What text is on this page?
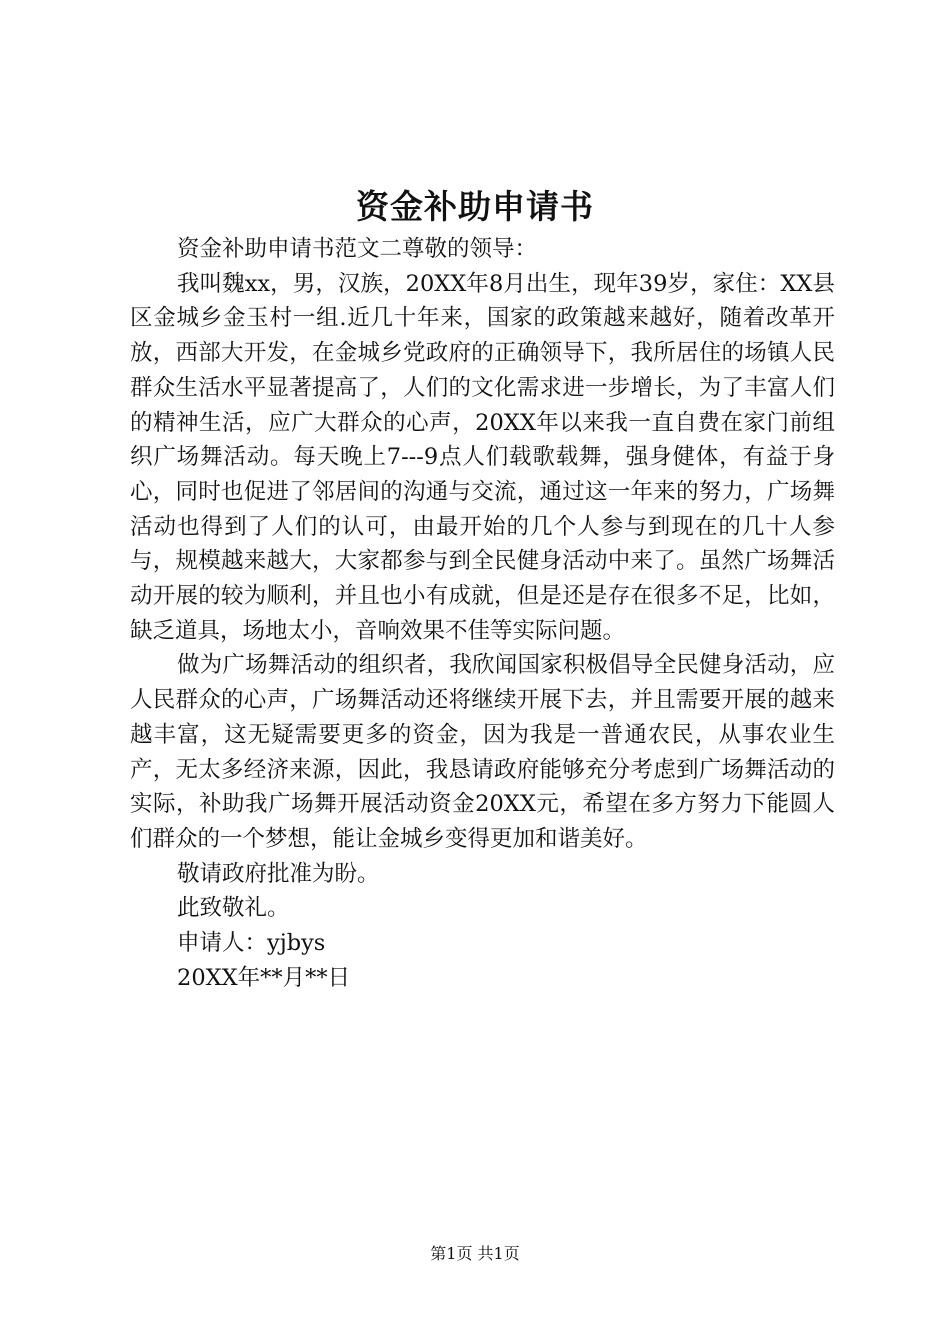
资金补助申请书

资金补助申请书范文二尊敬的领导：

我叫魏xx，男，汉族，20XX年8月出生，现年39岁，家住：XX县区金城乡金玉村一组.近几十年来，国家的政策越来越好，随着改革开放，西部大开发，在金城乡党政府的正确领导下，我所居住的场镇人民群众生活水平显著提高了，人们的文化需求进一步增长，为了丰富人们的精神生活，应广大群众的心声，20XX年以来我一直自费在家门前组织广场舞活动。每天晚上7---9点人们载歌载舞，强身健体，有益于身心，同时也促进了邻居间的沟通与交流，通过这一年来的努力，广场舞活动也得到了人们的认可，由最开始的几个人参与到现在的几十人参与，规模越来越大，大家都参与到全民健身活动中来了。虽然广场舞活动开展的较为顺利，并且也小有成就，但是还是存在很多不足，比如，缺乏道具，场地太小，音响效果不佳等实际问题。

做为广场舞活动的组织者，我欣闻国家积极倡导全民健身活动，应人民群众的心声，广场舞活动还将继续开展下去，并且需要开展的越来越丰富，这无疑需要更多的资金，因为我是一普通农民，从事农业生产，无太多经济来源，因此，我恳请政府能够充分考虑到广场舞活动的实际，补助我广场舞开展活动资金20XX元，希望在多方努力下能圆人们群众的一个梦想，能让金城乡变得更加和谐美好。

敬请政府批准为盼。

此致敬礼。

申请人：yjbys

20XX年**月**日

第1页 共1页
